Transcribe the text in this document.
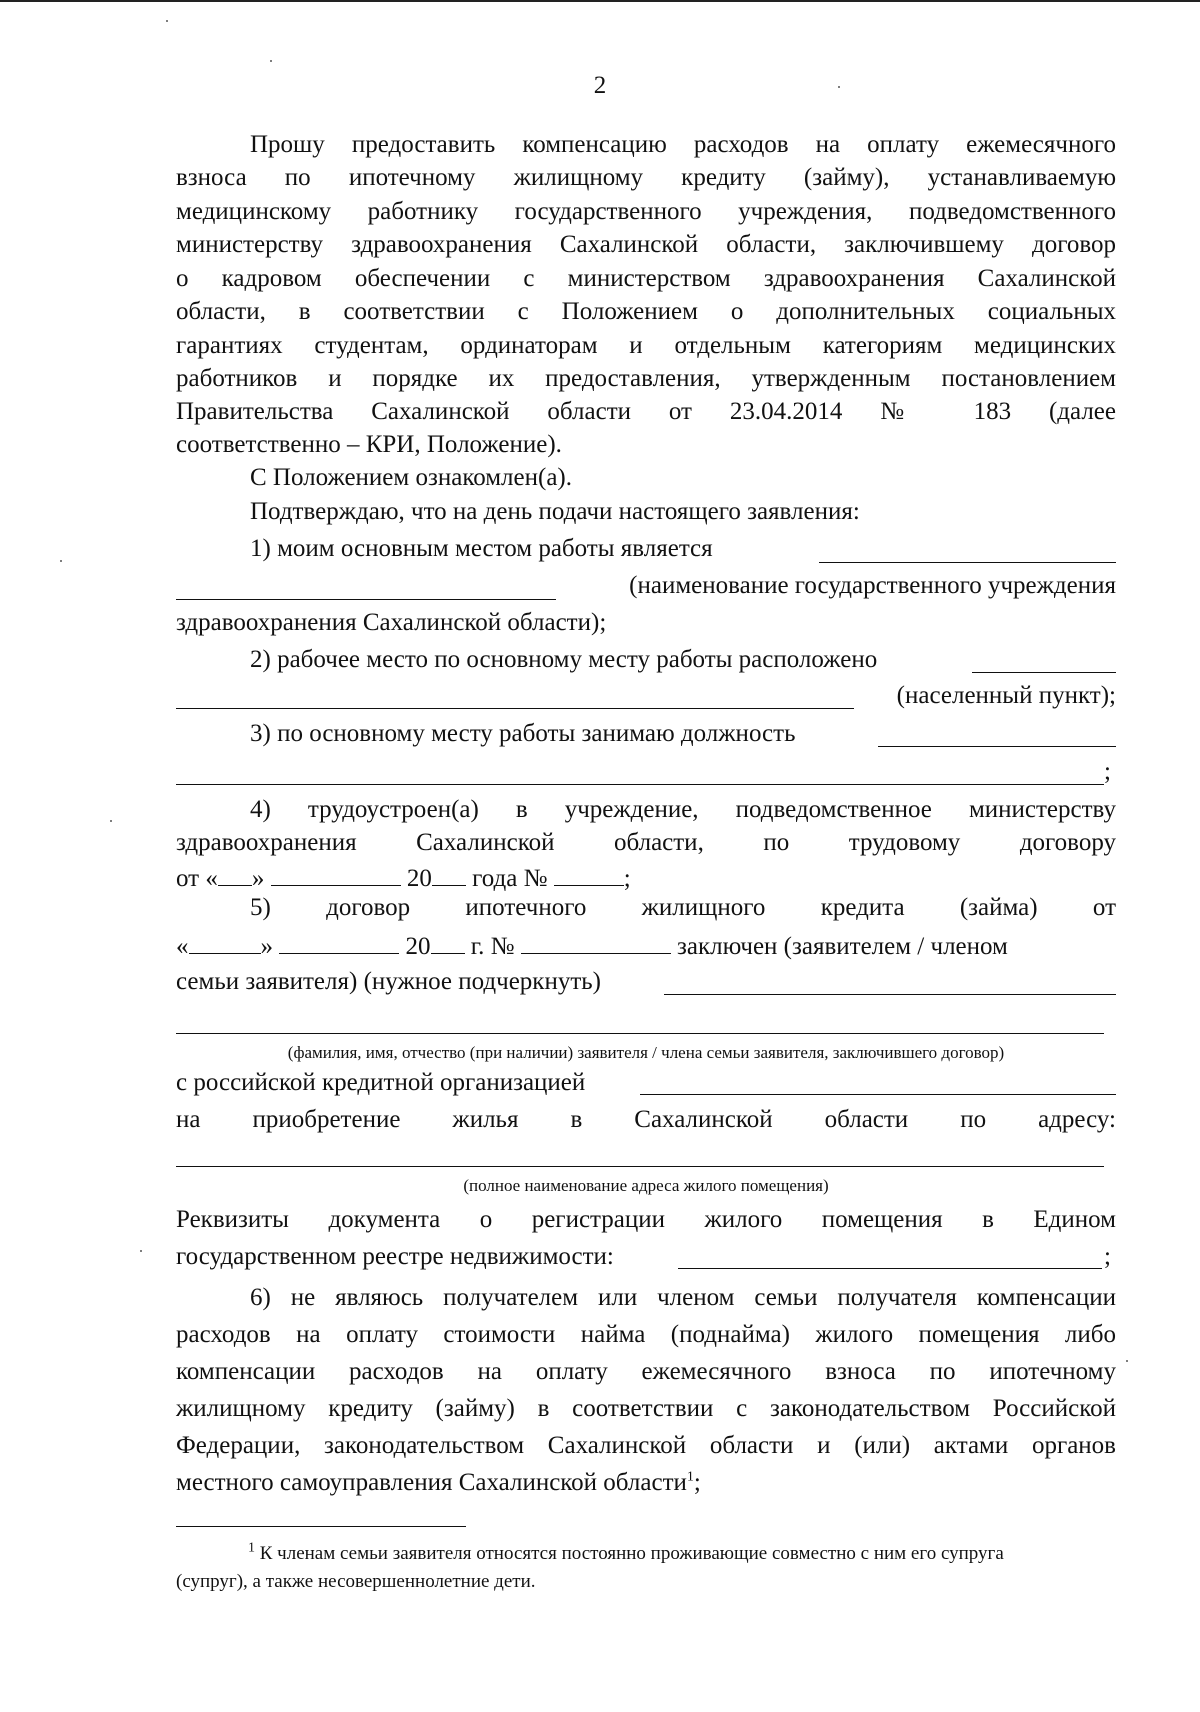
2
Прошу предоставить компенсацию расходов на оплату ежемесячного
взноса по ипотечному жилищному кредиту (займу), устанавливаемую
медицинскому работнику государственного учреждения, подведомственного
министерству здравоохранения Сахалинской области, заключившему договор
о кадровом обеспечении с министерством здравоохранения Сахалинской
области, в соответствии с Положением о дополнительных социальных
гарантиях студентам, ординаторам и отдельным категориям медицинских
работников и порядке их предоставления, утвержденным постановлением
Правительства Сахалинской области от 23.04.2014 № 183 (далее
соответственно – КРИ, Положение).
С Положением ознакомлен(а).
Подтверждаю, что на день подачи настоящего заявления:
1) моим основным местом работы является
(наименование государственного учреждения
здравоохранения Сахалинской области);
2) рабочее место по основному месту работы расположено
(населенный пункт);
3) по основному месту работы занимаю должность
;
4) трудоустроен(а) в учреждение, подведомственное министерству
здравоохранения Сахалинской области, по трудовому договору
от « »	20 года №	;
5) договор ипотечного жилищного кредита (займа) от
«	»	20 г. №	заключен (заявителем / членом
семьи заявителя) (нужное подчеркнуть)
(фамилия, имя, отчество (при наличии) заявителя / члена семьи заявителя, заключившего договор)
с российской кредитной организацией
на приобретение жилья в Сахалинской области по адресу:
(полное наименование адреса жилого помещения)
Реквизиты документа о регистрации жилого помещения в Едином
государственном реестре недвижимости:	;
6) не являюсь получателем или членом семьи получателя компенсации
расходов на оплату стоимости найма (поднайма) жилого помещения либо
компенсации расходов на оплату ежемесячного взноса по ипотечному
жилищному кредиту (займу) в соответствии с законодательством Российской
Федерации, законодательством Сахалинской области и (или) актами органов
местного самоуправления Сахалинской области$^1$;
$^1$ К членам семьи заявителя относятся постоянно проживающие совместно с ним его супруга
(супруг), а также несовершеннолетние дети.
